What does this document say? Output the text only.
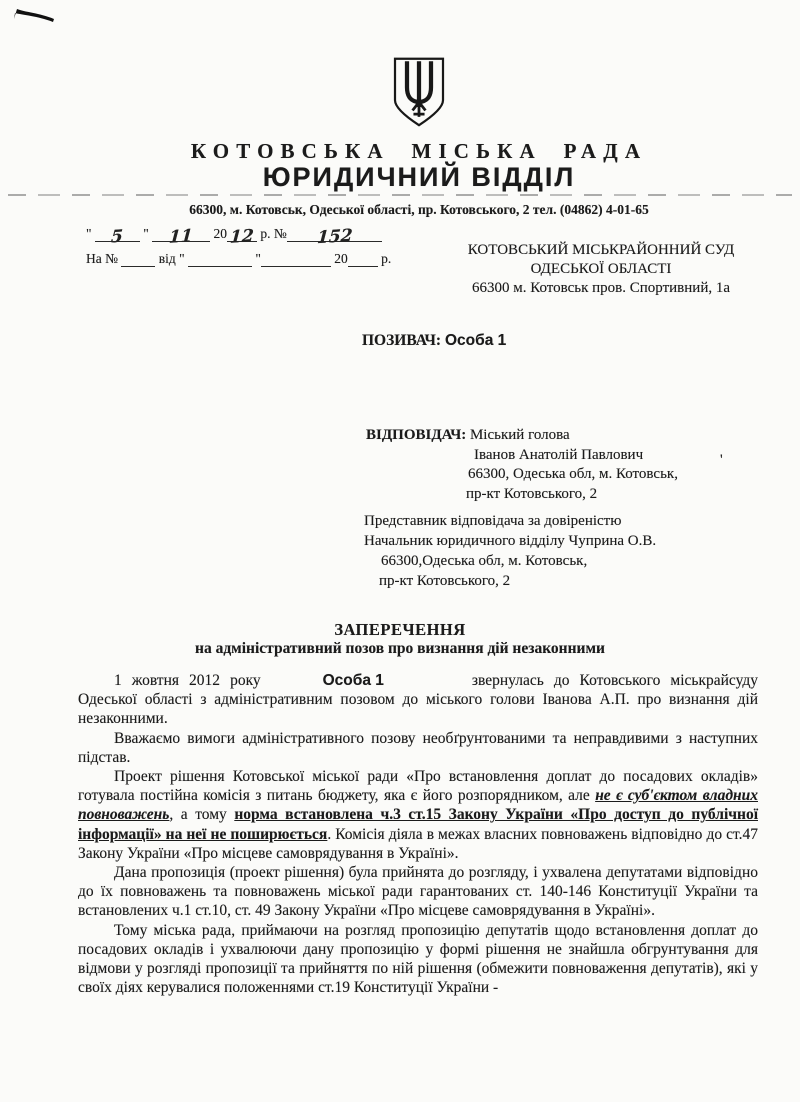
КОТОВСЬКА МІСЬКА РАДА
ЮРИДИЧНИЙ ВІДДІЛ
66300, м. Котовськ, Одеської області, пр. Котовського, 2 тел. (04862) 4-01-65
" 5 " 11 20 12 р. № 152
На №	від "	"	20 р.
КОТОВСЬКИЙ МІСЬКРАЙОННИЙ СУД
ОДЕСЬКОЇ ОБЛАСТІ
66300 м. Котовськ пров. Спортивний, 1а
ПОЗИВАЧ: Особа 1
ВІДПОВІДАЧ: Міський голова
Іванов Анатолій Павлович
66300, Одеська обл, м. Котовськ,
пр-кт Котовського, 2
'
Представник відповідача за довіреністю
Начальник юридичного відділу Чуприна О.В.
66300,Одеська обл, м. Котовськ,
пр-кт Котовського, 2
ЗАПЕРЕЧЕННЯ
на адміністративний позов про визнання дій незаконними

1 жовтня 2012 року	Особа 1	звернулась до Котовського міськрайсуду Одеської області з адміністративним позовом до міського голови Іванова А.П. про визнання дій незаконними.

Вважаємо вимоги адміністративного позову необґрунтованими та неправдивими з наступних підстав.

Проект рішення Котовської міської ради «Про встановлення доплат до посадових окладів» готувала постійна комісія з питань бюджету, яка є його розпорядником, але не є суб'єктом владних повноважень, а тому норма встановлена ч.3 ст.15 Закону України «Про доступ до публічної інформації» на неї не поширюється. Комісія діяла в межах власних повноважень відповідно до ст.47 Закону України «Про місцеве самоврядування в Україні».

Дана пропозиція (проект рішення) була прийнята до розгляду, і ухвалена депутатами відповідно до їх повноважень та повноважень міської ради гарантованих ст. 140-146 Конституції України та встановлених ч.1 ст.10, ст. 49 Закону України «Про місцеве самоврядування в Україні».

Тому міська рада, приймаючи на розгляд пропозицію депутатів щодо встановлення доплат до посадових окладів і ухвалюючи дану пропозицію у формі рішення не знайшла обгрунтування для відмови у розгляді пропозиції та прийняття по ній рішення (обмежити повноваження депутатів), які у своїх діях керувалися положеннями ст.19 Конституції України -
